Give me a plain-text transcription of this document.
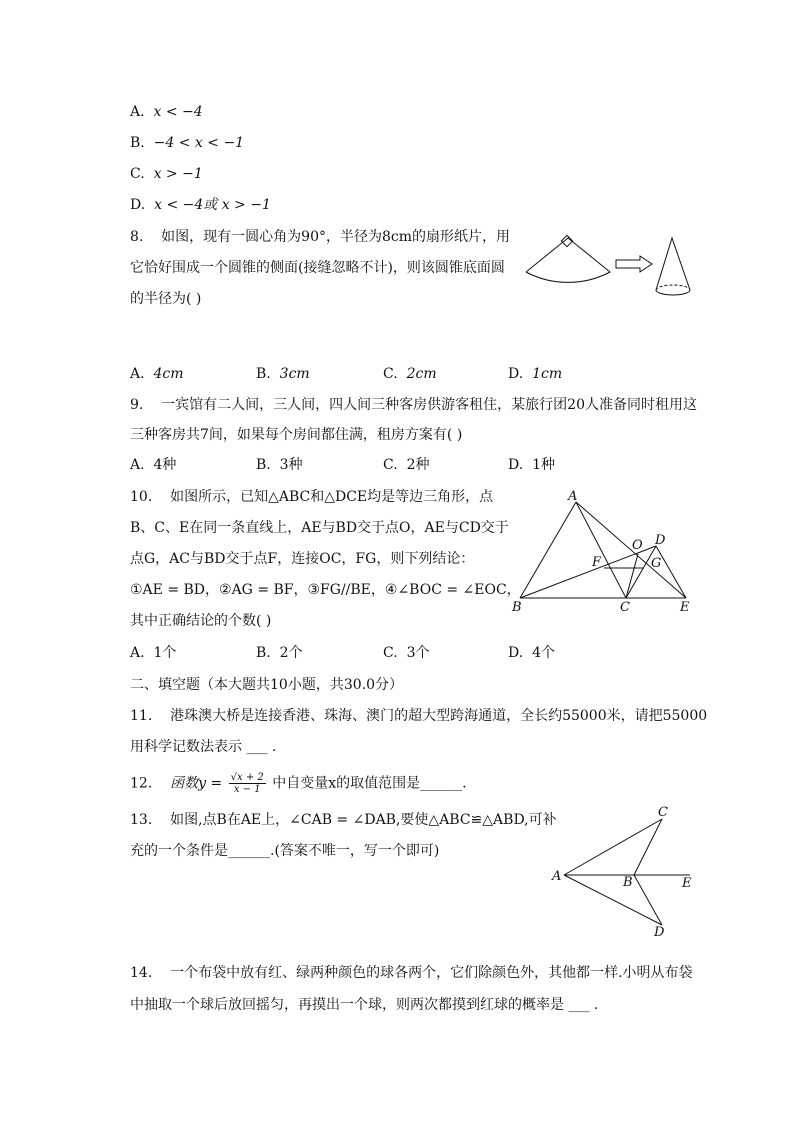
A. x < −4
B. −4 < x < −1
C. x > −1
D. x < −4或 x > −1
8. 如图，现有一圆心角为90°，半径为8cm的扇形纸片，用
它恰好围成一个圆锥的侧面(接缝忽略不计)，则该圆锥底面圆
的半径为( )
A. 4cm	B. 3cm	C. 2cm	D. 1cm
9. 一宾馆有二人间，三人间，四人间三种客房供游客租住，某旅行团20人准备同时租用这
三种客房共7间，如果每个房间都住满，租房方案有( )
A. 4种	B. 3种	C. 2种	D. 1种
10. 如图所示，已知△ABC和△DCE均是等边三角形，点
B、C、E在同一条直线上，AE与BD交于点O，AE与CD交于
点G，AC与BD交于点F，连接OC，FG，则下列结论：
①AE = BD，②AG = BF，③FG//BE，④∠BOC = ∠EOC，
其中正确结论的个数( )
A
B	C
D
E
F	G
O
A. 1个	B. 2个	C. 3个	D. 4个
二、填空题（本大题共10小题，共30.0分）
11. 港珠澳大桥是连接香港、珠海、澳门的超大型跨海通道，全长约55000米，请把55000
用科学记数法表示 ___ .
12. 函数$y = \frac{√x + 2}{x - 1}$ 中自变量x的取值范围是______.
13. 如图,点B在AE上，∠CAB = ∠DAB,要使△ABC≌△ABD,可补
充的一个条件是______.(答案不唯一，写一个即可)
A	B
C
D
E
14. 一个布袋中放有红、绿两种颜色的球各两个，它们除颜色外，其他都一样.小明从布袋
中抽取一个球后放回摇匀，再摸出一个球，则两次都摸到红球的概率是 ___ .
